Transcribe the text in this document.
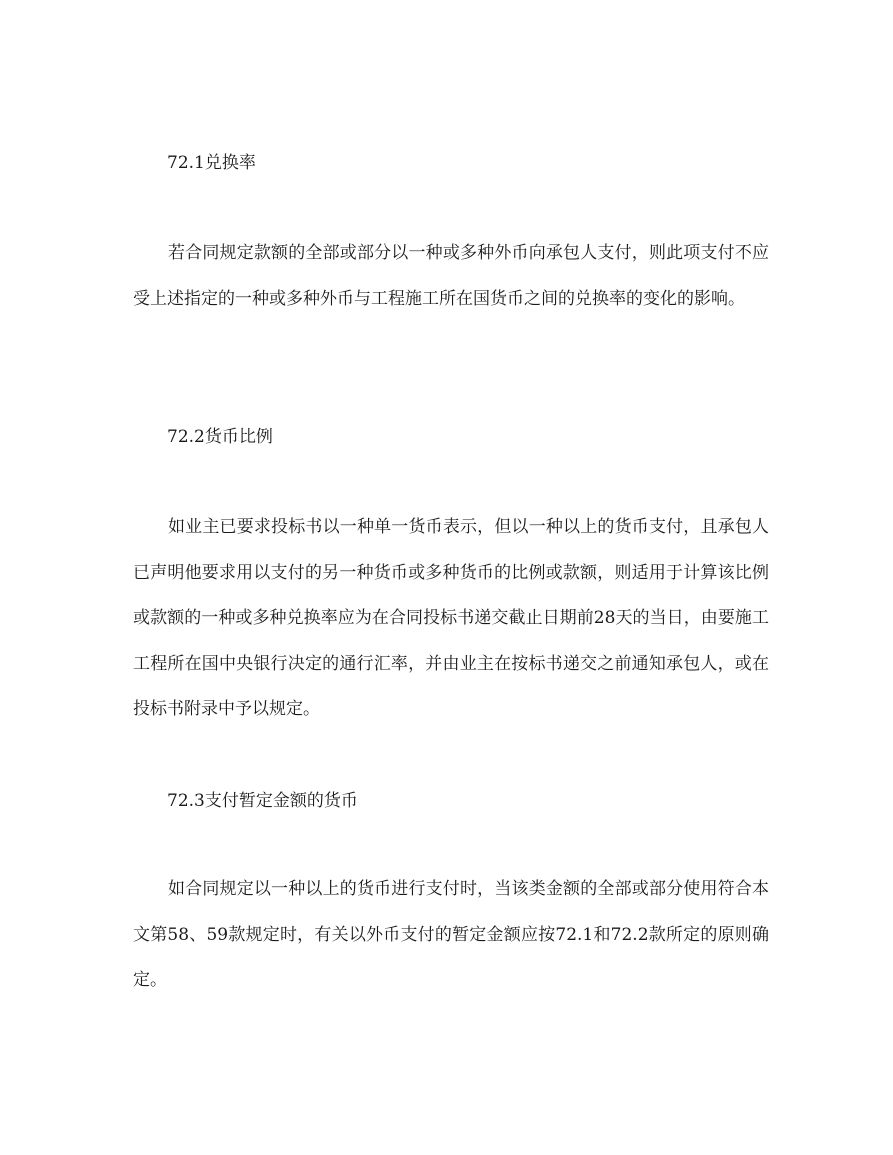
72.1兑换率

若合同规定款额的全部或部分以一种或多种外币向承包人支付，则此项支付不应受上述指定的一种或多种外币与工程施工所在国货币之间的兑换率的变化的影响。

72.2货币比例

如业主已要求投标书以一种单一货币表示，但以一种以上的货币支付，且承包人已声明他要求用以支付的另一种货币或多种货币的比例或款额，则适用于计算该比例或款额的一种或多种兑换率应为在合同投标书递交截止日期前28天的当日，由要施工工程所在国中央银行决定的通行汇率，并由业主在按标书递交之前通知承包人，或在投标书附录中予以规定。

72.3支付暂定金额的货币

如合同规定以一种以上的货币进行支付时，当该类金额的全部或部分使用符合本文第58、59款规定时，有关以外币支付的暂定金额应按72.1和72.2款所定的原则确定。
